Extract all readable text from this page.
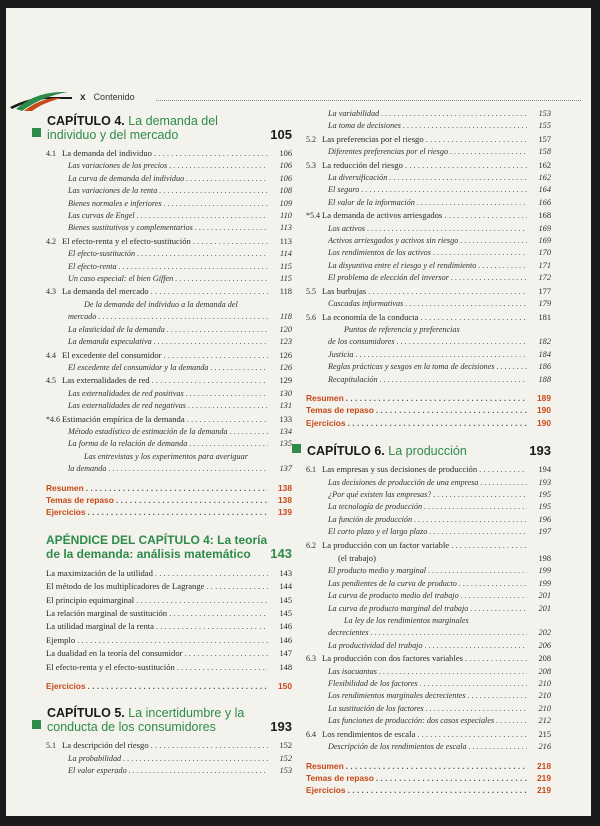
x Contenido
CAPÍTULO 4. La demanda del individuo y del mercado	105
4.1 La demanda del individuo . . .	106
Las variaciones de los precios . . .	106
La curva de demanda del individuo . . .	106
Las variaciones de la renta . . .	108
Bienes normales e inferiores . . .	109
Las curvas de Engel . . .	110
Bienes sustitutivos y complementarios . . .	113
4.2 El efecto-renta y el efecto-sustitución . . .	113
El efecto-sustitución . . .	114
El efecto-renta . . .	115
Un caso especial: el bien Giffen . . .	115
4.3 La demanda del mercado . . .	118
De la demanda del individuo a la demanda del
mercado . . .	118
La elasticidad de la demanda . . .	120
La demanda especulativa . . .	123
4.4 El excedente del consumidor . . .	126
El excedente del consumidor y la demanda . . .	126
4.5 Las externalidades de red . . .	129
Las externalidades de red positivas . . .	130
Las externalidades de red negativas . . .	131
*4.6 Estimación empírica de la demanda . . .	133
Método estadístico de estimación de la demanda . . .	134
La forma de la relación de demanda . . .	135
Las entrevistas y los experimentos para averiguar
la demanda . . .	137
Resumen . . .	138
Temas de repaso . . .	138
Ejercicios . . .	139
APÉNDICE DEL CAPÍTULO 4: La teoría de la demanda: análisis matemático	143
La maximización de la utilidad . . .	143
El método de los multiplicadores de Lagrange . . .	144
El principio equimarginal . . .	145
La relación marginal de sustitución . . .	145
La utilidad marginal de la renta . . .	146
Ejemplo . . .	146
La dualidad en la teoría del consumidor . . .	147
El efecto-renta y el efecto-sustitución . . .	148
Ejercicios . . .	150
CAPÍTULO 5. La incertidumbre y la conducta de los consumidores	193
5.1 La descripción del riesgo . . .	152
La probabilidad . . .	152
El valor esperado . . .	153
La variabilidad . . .	153
La toma de decisiones . . .	155
5.2 Las preferencias por el riesgo . . .	157
Diferentes preferencias por el riesgo . . .	158
5.3 La reducción del riesgo . . .	162
La diversificación . . .	162
El seguro . . .	164
El valor de la información . . .	166
*5.4 La demanda de activos arriesgados . . .	168
Los activos . . .	169
Activos arriesgados y activos sin riesgo . . .	169
Los rendimientos de los activos . . .	170
La disyuntiva entre el riesgo y el rendimiento . . .	171
El problema de elección del inversor . . .	172
5.5 Las burbujas . . .	177
Cascadas informativas . . .	179
5.6 La economía de la conducta . . .	181
Puntos de referencia y preferencias
de los consumidores . . .	182
Justicia . . .	184
Reglas prácticas y sesgos en la toma de decisiones . . .	186
Recapitulación . . .	188
Resumen . . .	189
Temas de repaso . . .	190
Ejercicios . . .	190
CAPÍTULO 6. La producción	193
6.1 Las empresas y sus decisiones de producción . . .	194
Las decisiones de producción de una empresa . . .	193
¿Por qué existen las empresas? . . .	195
La tecnología de producción . . .	195
La función de producción . . .	196
El corto plazo y el largo plazo . . .	197
6.2 La producción con un factor variable
. . .
(el trabajo)	198
El producto medio y marginal . . .	199
Las pendientes de la curva de producto . . .	199
La curva de producto medio del trabajo . . .	201
La curva de producto marginal del trabajo . . .	201
La ley de los rendimientos marginales
decrecientes . . .	202
La productividad del trabajo . . .	206
6.3 La producción con dos factores variables . . .	208
Las isocuantas . . .	208
Flexibilidad de los factores . . .	210
Los rendimientos marginales decrecientes . . .	210
La sustitución de los factores . . .	210
Las funciones de producción: dos casos especiales . . .	212
6.4 Los rendimientos de escala . . .	215
Descripción de los rendimientos de escala . . .	216
Resumen . . .	218
Temas de repaso . . .	219
Ejercicios . . .	219
